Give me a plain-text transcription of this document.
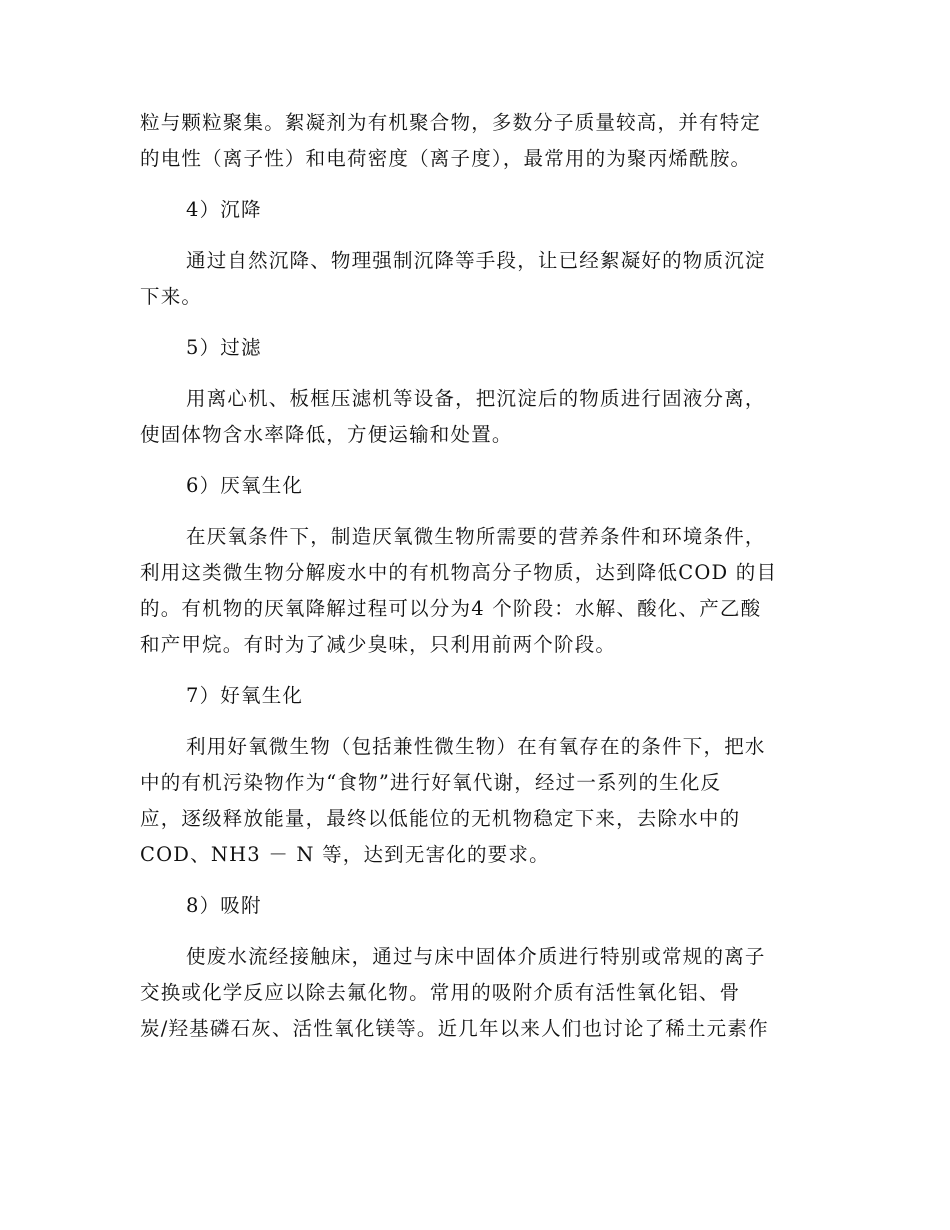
粒与颗粒聚集。絮凝剂为有机聚合物，多数分子质量较高，并有特定
的电性（离子性）和电荷密度（离子度），最常用的为聚丙烯酰胺。
4）沉降
通过自然沉降、物理强制沉降等手段，让已经絮凝好的物质沉淀
下来。
5）过滤
用离心机、板框压滤机等设备，把沉淀后的物质进行固液分离，
使固体物含水率降低，方便运输和处置。
6）厌氧生化
在厌氧条件下，制造厌氧微生物所需要的营养条件和环境条件，
利用这类微生物分解废水中的有机物高分子物质，达到降低COD 的目
的。有机物的厌氧降解过程可以分为4 个阶段：水解、酸化、产乙酸
和产甲烷。有时为了减少臭味，只利用前两个阶段。
7）好氧生化
利用好氧微生物（包括兼性微生物）在有氧存在的条件下，把水
中的有机污染物作为“食物”进行好氧代谢，经过一系列的生化反
应，逐级释放能量，最终以低能位的无机物稳定下来，去除水中的
COD、NH3 － N 等，达到无害化的要求。
8）吸附
使废水流经接触床，通过与床中固体介质进行特别或常规的离子
交换或化学反应以除去氟化物。常用的吸附介质有活性氧化铝、骨
炭/羟基磷石灰、活性氧化镁等。近几年以来人们也讨论了稀土元素作
